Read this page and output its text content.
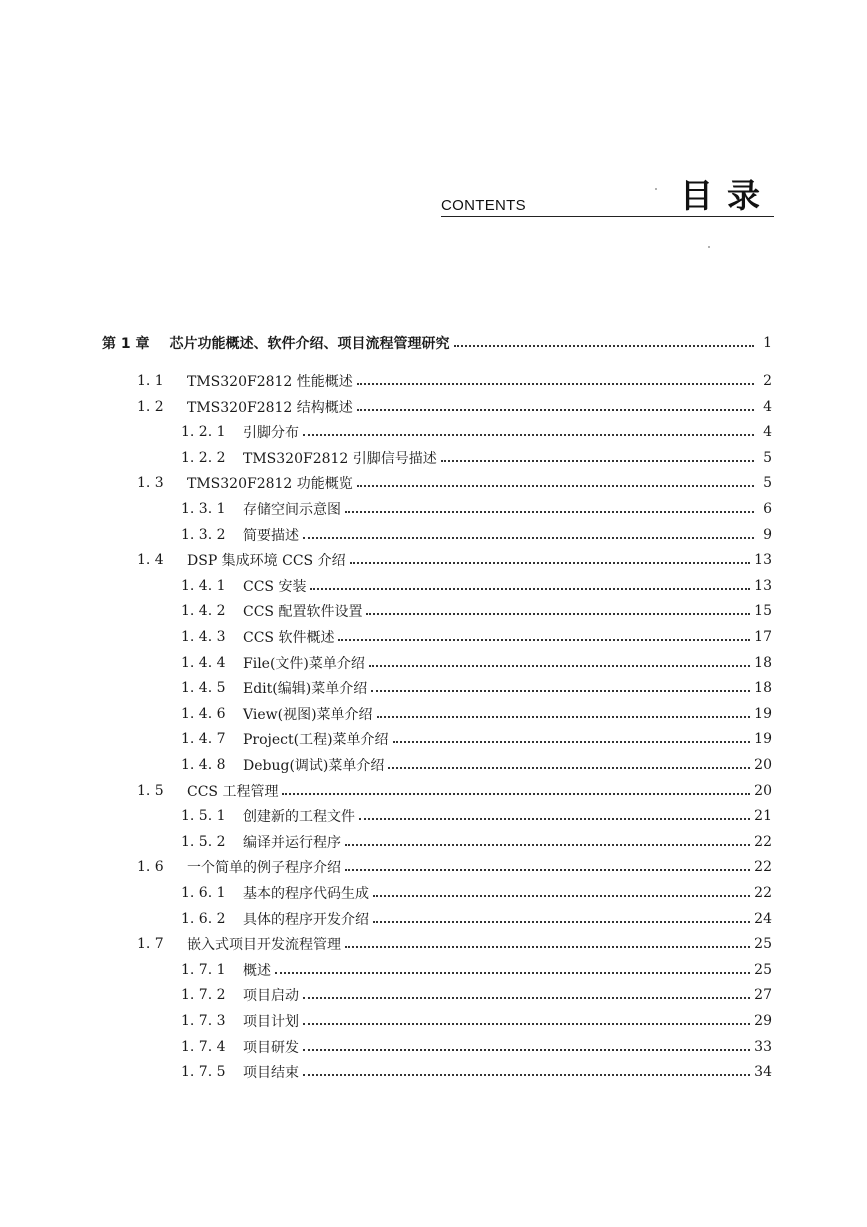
CONTENTS	目录
第 1 章	芯片功能概述、软件介绍、项目流程管理研究	1
1. 1	TMS320F2812 性能概述	2
1. 2	TMS320F2812 结构概述	4
1. 2. 1	引脚分布	4
1. 2. 2	TMS320F2812 引脚信号描述	5
1. 3	TMS320F2812 功能概览	5
1. 3. 1	存储空间示意图	6
1. 3. 2	简要描述	9
1. 4	DSP 集成环境 CCS 介绍	13
1. 4. 1	CCS 安装	13
1. 4. 2	CCS 配置软件设置	15
1. 4. 3	CCS 软件概述	17
1. 4. 4	File(文件)菜单介绍	18
1. 4. 5	Edit(编辑)菜单介绍	18
1. 4. 6	View(视图)菜单介绍	19
1. 4. 7	Project(工程)菜单介绍	19
1. 4. 8	Debug(调试)菜单介绍	20
1. 5	CCS 工程管理	20
1. 5. 1	创建新的工程文件	21
1. 5. 2	编译并运行程序	22
1. 6	一个简单的例子程序介绍	22
1. 6. 1	基本的程序代码生成	22
1. 6. 2	具体的程序开发介绍	24
1. 7	嵌入式项目开发流程管理	25
1. 7. 1	概述	25
1. 7. 2	项目启动	27
1. 7. 3	项目计划	29
1. 7. 4	项目研发	33
1. 7. 5	项目结束	34
